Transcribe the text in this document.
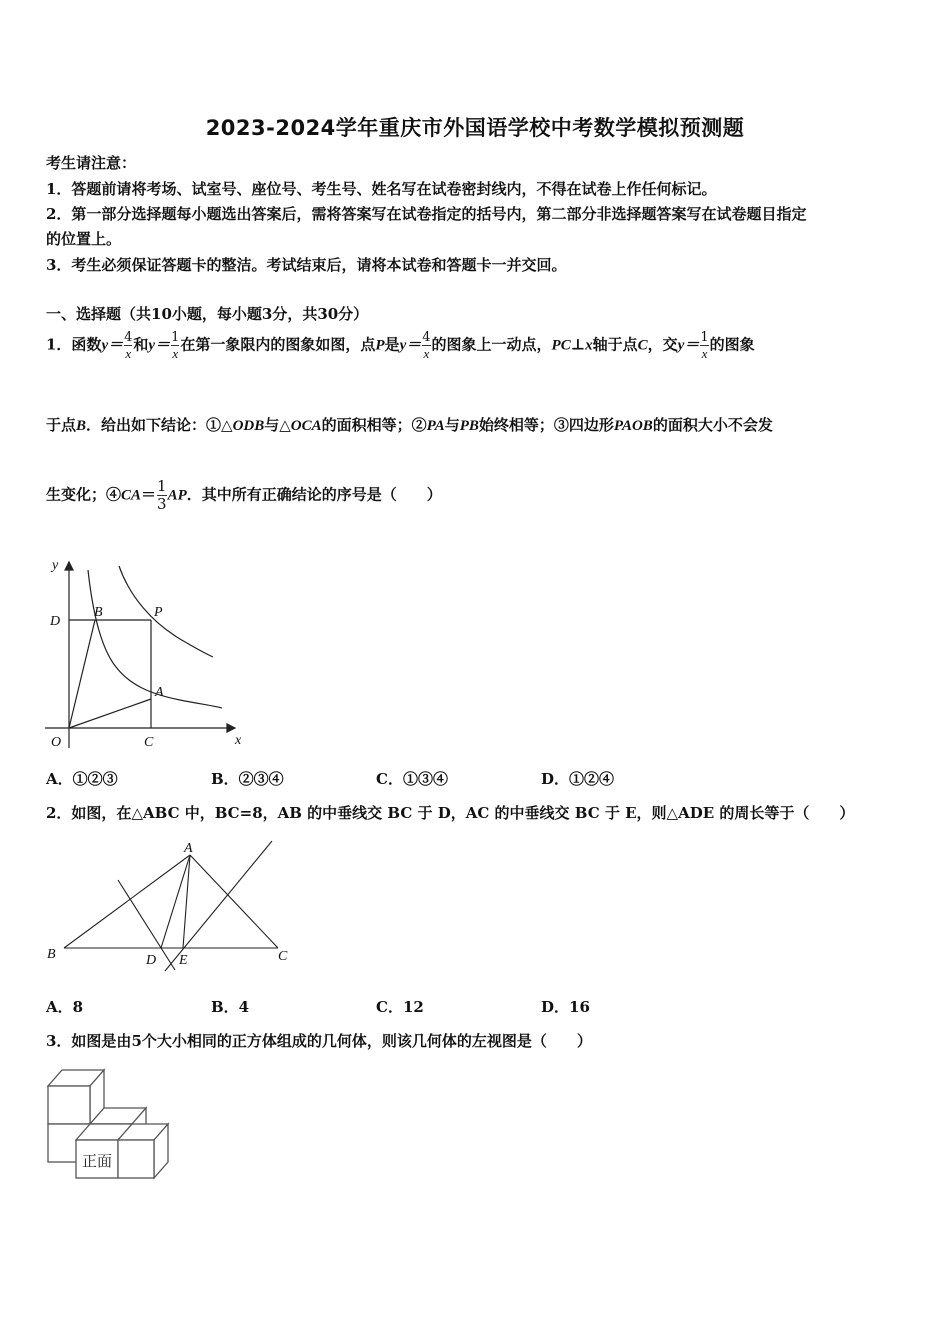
2023-2024学年重庆市外国语学校中考数学模拟预测题
考生请注意：
1．答题前请将考场、试室号、座位号、考生号、姓名写在试卷密封线内，不得在试卷上作任何标记。
2．第一部分选择题每小题选出答案后，需将答案写在试卷指定的括号内，第二部分非选择题答案写在试卷题目指定
的位置上。
3．考生必须保证答题卡的整洁。考试结束后，请将本试卷和答题卡一并交回。
一、选择题（共10小题，每小题3分，共30分）
1．函数$y= \frac{4}{x}$ 和$y= \frac{1}{x}$ 在第一象限内的图象如图，点P是$y= \frac{4}{x}$ 的图象上一动点，PC⊥x轴于点C，交$y= \frac{1}{x}$ 的图象
于点B．给出如下结论：①△ODB与△OCA的面积相等；②PA与PB始终相等；③四边形PAOB的面积大小不会发
生变化；④CA＝ $\frac{1}{3}$ AP．其中所有正确结论的序号是（　　）
y
x
O
D
B	P
A
C
A．①②③	B．②③④	C．①③④	D．①②④
2．如图，在△ABC 中，BC=8，AB 的中垂线交 BC 于 D，AC 的中垂线交 BC 于 E，则△ADE 的周长等于（　　）
A
B	C
D E
A．8	B．4	C．12	D．16
3．如图是由5个大小相同的正方体组成的几何体，则该几何体的左视图是（　　）
正面
